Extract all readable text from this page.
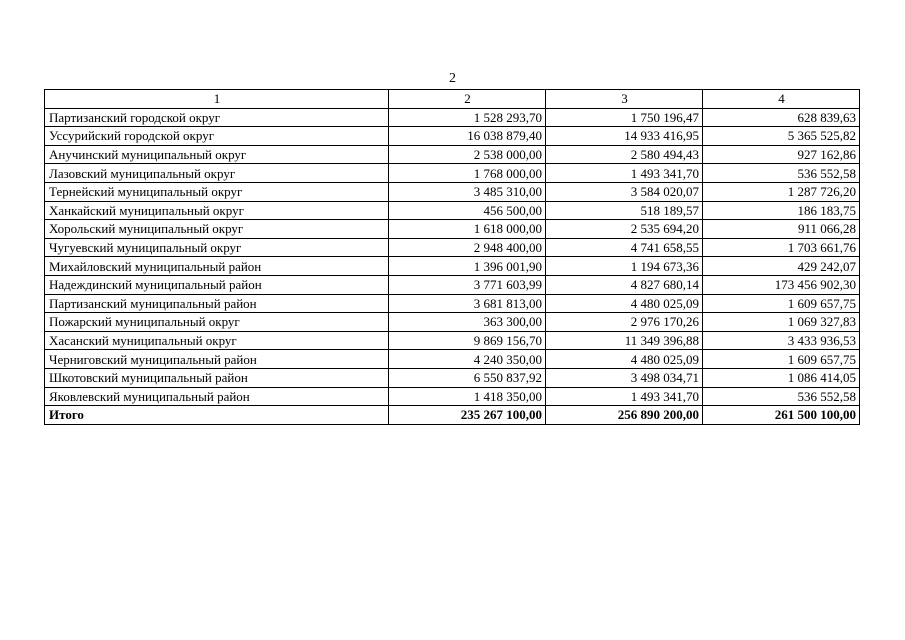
2
1	2	3	4
Партизанский городской округ	1 528 293,70	1 750 196,47	628 839,63
Уссурийский городской округ	16 038 879,40	14 933 416,95	5 365 525,82
Анучинский муниципальный округ	2 538 000,00	2 580 494,43	927 162,86
Лазовский муниципальный округ	1 768 000,00	1 493 341,70	536 552,58
Тернейский муниципальный округ	3 485 310,00	3 584 020,07	1 287 726,20
Ханкайский муниципальный округ	456 500,00	518 189,57	186 183,75
Хорольский муниципальный округ	1 618 000,00	2 535 694,20	911 066,28
Чугуевский муниципальный округ	2 948 400,00	4 741 658,55	1 703 661,76
Михайловский муниципальный район	1 396 001,90	1 194 673,36	429 242,07
Надеждинский муниципальный район	3 771 603,99	4 827 680,14	173 456 902,30
Партизанский муниципальный район	3 681 813,00	4 480 025,09	1 609 657,75
Пожарский муниципальный округ	363 300,00	2 976 170,26	1 069 327,83
Хасанский муниципальный округ	9 869 156,70	11 349 396,88	3 433 936,53
Черниговский муниципальный район	4 240 350,00	4 480 025,09	1 609 657,75
Шкотовский муниципальный район	6 550 837,92	3 498 034,71	1 086 414,05
Яковлевский муниципальный район	1 418 350,00	1 493 341,70	536 552,58
Итого	235 267 100,00	256 890 200,00	261 500 100,00
